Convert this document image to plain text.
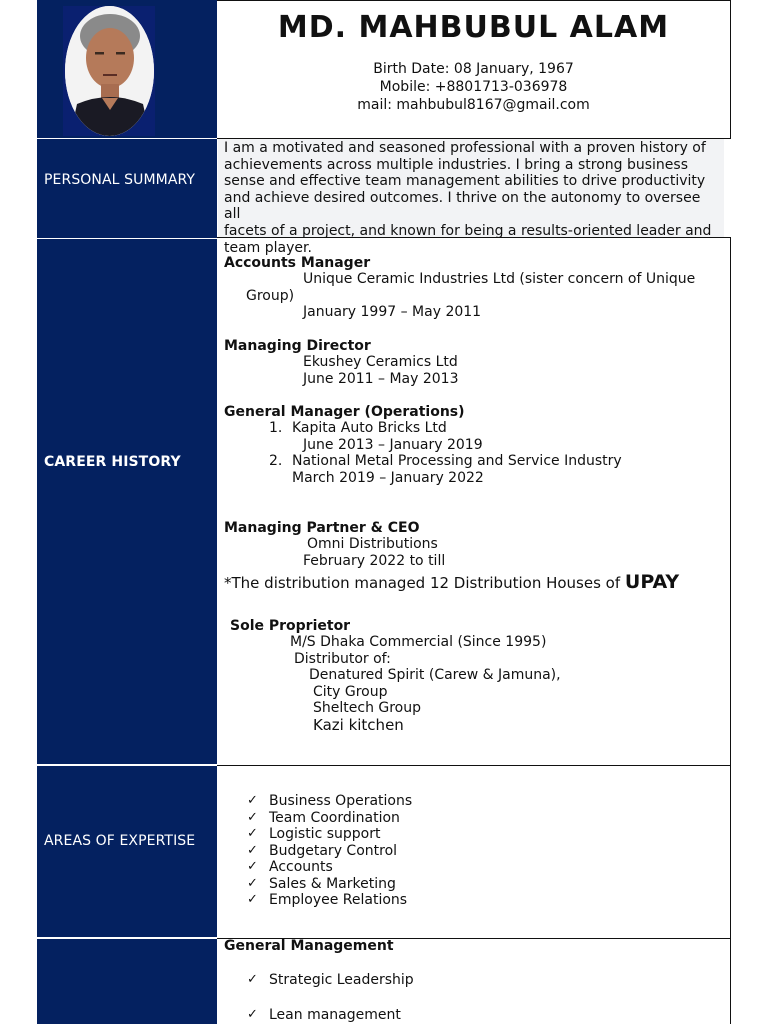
PERSONAL SUMMARY
CAREER HISTORY
AREAS OF EXPERTISE
MD. MAHBUBUL ALAM
Birth Date: 08 January, 1967
Mobile: +8801713-036978
mail: mahbubul8167@gmail.com
I am a motivated and seasoned professional with a proven history of
achievements across multiple industries. I bring a strong business
sense and effective team management abilities to drive productivity
and achieve desired outcomes. I thrive on the autonomy to oversee all
facets of a project, and known for being a results-oriented leader and
team player.
Accounts Manager
Unique Ceramic Industries Ltd (sister concern of Unique
Group)
January 1997 – May 2011
Managing Director
Ekushey Ceramics Ltd
June 2011 – May 2013
General Manager (Operations)
1. Kapita Auto Bricks Ltd
June 2013 – January 2019
2. National Metal Processing and Service Industry
March 2019 – January 2022
Managing Partner & CEO
Omni Distributions
February 2022 to till
*The distribution managed 12 Distribution Houses of UPAY
Sole Proprietor
M/S Dhaka Commercial (Since 1995)
Distributor of:
Denatured Spirit (Carew & Jamuna),
City Group
Sheltech Group
Kazi kitchen
✓ Business Operations
✓ Team Coordination
✓ Logistic support
✓ Budgetary Control
✓ Accounts
✓ Sales & Marketing
✓ Employee Relations
General Management
✓ Strategic Leadership
✓ Lean management
